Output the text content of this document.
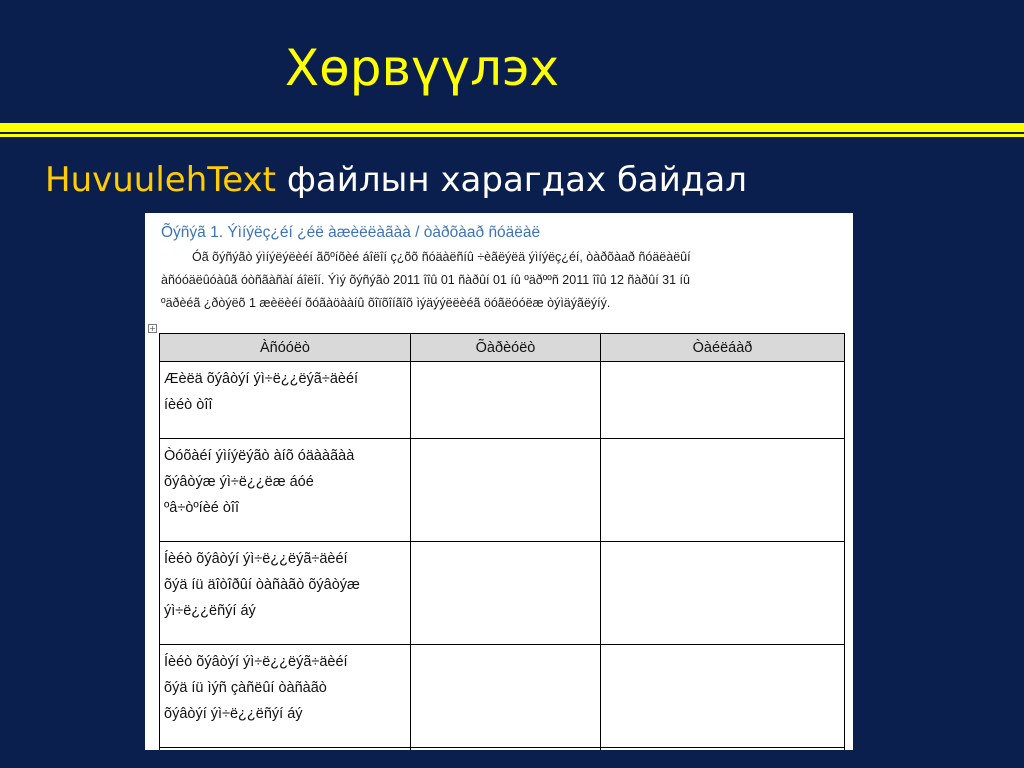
Хөрвүүлэх
HuvuulehText файлын харагдах байдал
Õýñýã 1. Ýìíýëç¿éí ¿éë àæèëëàãàà / òàðõàað ñóäëàë
Óã õýñýãò ýìíýëýëèéí ãõºíõèé áîëîí ç¿õõ ñóäàëñíû ÷èãëýëä ýìíýëç¿éí, òàðõàað ñóäëàëûí
àñóóäëûóàûã óòñãàñàí áîëîí. Ýìý õýñýãò 2011 îîû 01 ñàðûí 01 íû ºäðººñ 2011 îîû 12 ñàðûí 31 íû
ºäðèéã ¿ðòýëõ 1 æèëèéí õóãàöààíû õîïõîíãîõ ìýäýýëëèéã öóãëóóëæ òýìäýãëýíý.
+
Àñóóëò	Õàðèóëò	Òàéëáàð

Æèëä õýâòýí ýì÷ë¿¿ëýã÷äèéí
íèéò òîî		

Òóõàéí ýìíýëýãò àíõ óäààãàà
õýâòýæ ýì÷ë¿¿ëæ áóé
ºâ÷òºíèé òîî		

Íèéò õýâòýí ýì÷ë¿¿ëýã÷äèéí
õýä íü äîòîðûí òàñàãò õýâòýæ
ýì÷ë¿¿ëñýí áý		

Íèéò õýâòýí ýì÷ë¿¿ëýã÷äèéí
õýä íü ìýñ çàñëûí òàñàãò
õýâòýí ýì÷ë¿¿ëñýí áý		
